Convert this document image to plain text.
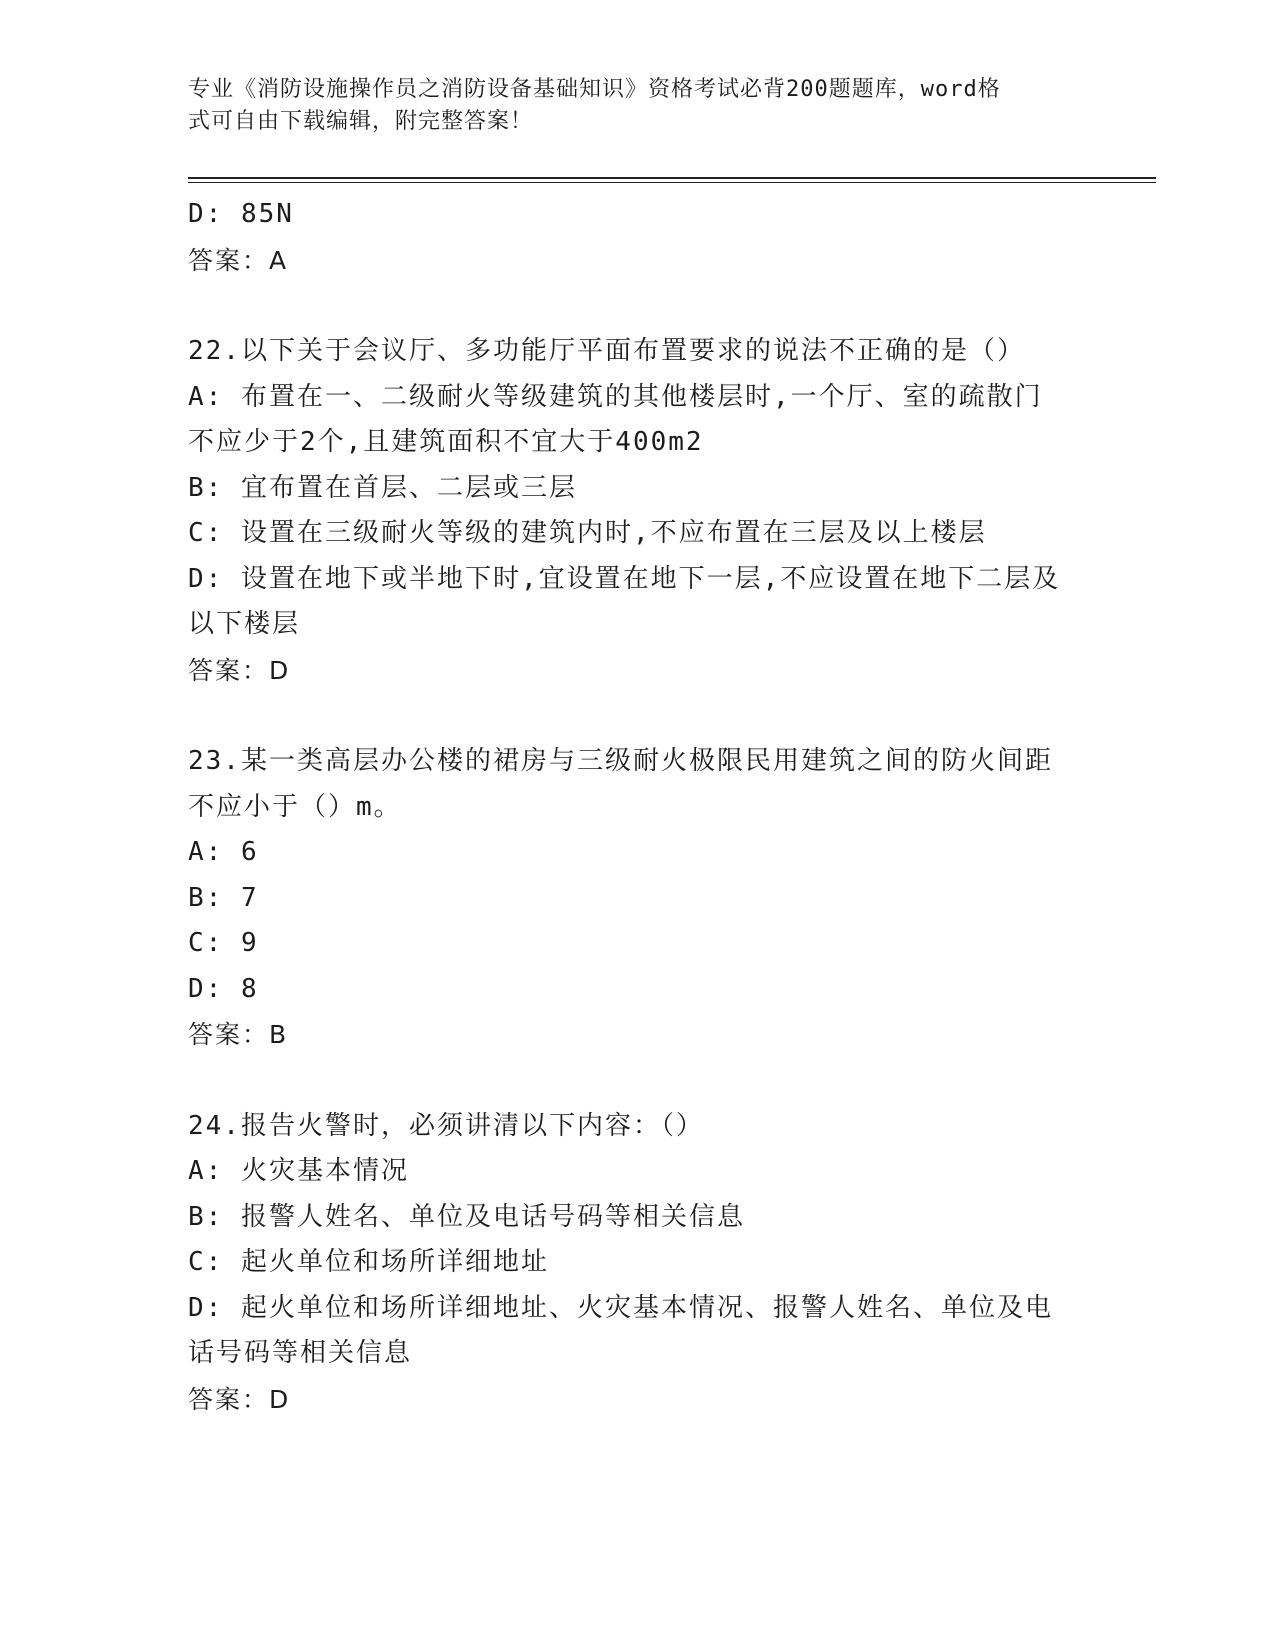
专业《消防设施操作员之消防设备基础知识》资格考试必背200题题库，word格
式可自由下载编辑，附完整答案！
D: 85N
答案：A
22.以下关于会议厅、多功能厅平面布置要求的说法不正确的是（）
A: 布置在一、二级耐火等级建筑的其他楼层时,一个厅、室的疏散门
不应少于2个,且建筑面积不宜大于400m2
B: 宜布置在首层、二层或三层
C: 设置在三级耐火等级的建筑内时,不应布置在三层及以上楼层
D: 设置在地下或半地下时,宜设置在地下一层,不应设置在地下二层及
以下楼层
答案：D
23.某一类高层办公楼的裙房与三级耐火极限民用建筑之间的防火间距
不应小于（）m。
A: 6
B: 7
C: 9
D: 8
答案：B
24.报告火警时，必须讲清以下内容：（）
A: 火灾基本情况
B: 报警人姓名、单位及电话号码等相关信息
C: 起火单位和场所详细地址
D: 起火单位和场所详细地址、火灾基本情况、报警人姓名、单位及电
话号码等相关信息
答案：D
